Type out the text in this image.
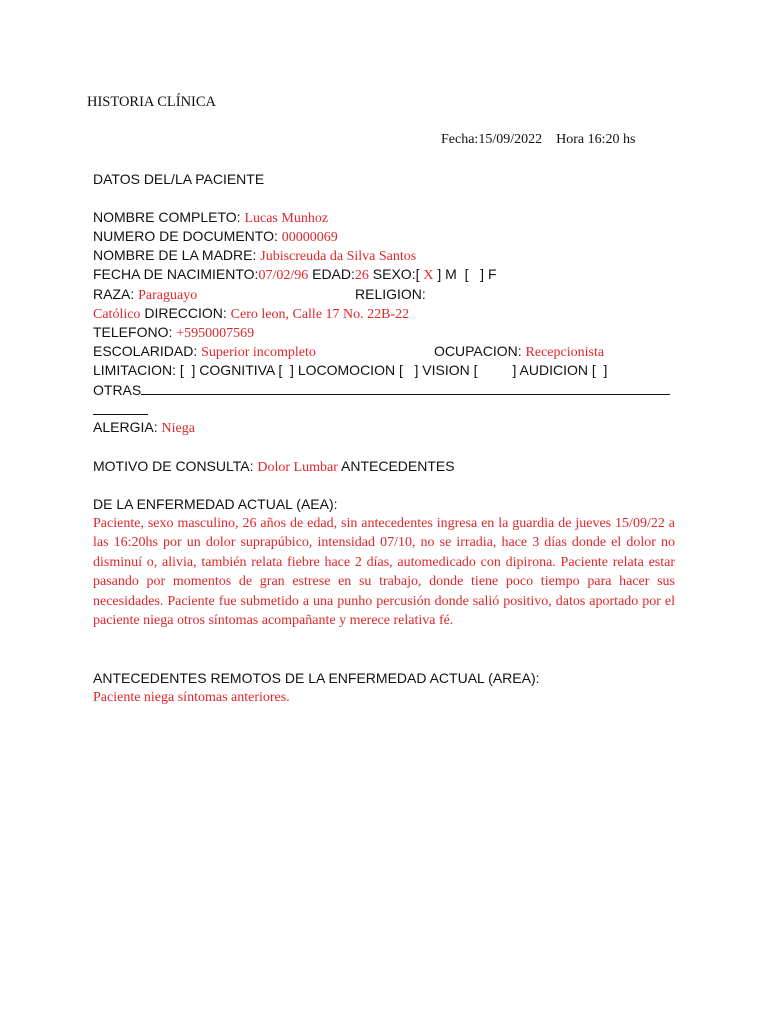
HISTORIA CLÍNICA
Fecha:15/09/2022    Hora 16:20 hs
DATOS DEL/LA PACIENTE
NOMBRE COMPLETO: Lucas Munhoz
NUMERO DE DOCUMENTO: 00000069
NOMBRE DE LA MADRE: Jubiscreuda da Silva Santos
FECHA DE NACIMIENTO:07/02/96 EDAD:26 SEXO:[ X ] M  [   ] F
RAZA: Paraguayo	RELIGION:
Católico DIRECCION: Cero leon, Calle 17 No. 22B-22
TELEFONO: +5950007569
ESCOLARIDAD: Superior incompleto	OCUPACION: Recepcionista
LIMITACION: [  ] COGNITIVA [  ] LOCOMOCION [   ] VISION [         ] AUDICION [  ]
OTRAS
ALERGIA: Niega
MOTIVO DE CONSULTA: Dolor Lumbar ANTECEDENTES
DE LA ENFERMEDAD ACTUAL (AEA):
Paciente, sexo masculino, 26 años de edad, sin antecedentes ingresa en la guardia de jueves 15/09/22 a las 16:20hs por un dolor suprapúbico, intensidad 07/10, no se irradia, hace 3 días donde el dolor no disminuí o, alivia, también relata fiebre hace 2 días, automedicado con dipirona. Paciente relata estar pasando por momentos de gran estrese en su trabajo, donde tiene poco tiempo para hacer sus necesidades. Paciente fue submetido a una punho percusión donde salió positivo, datos aportado por el paciente niega otros síntomas acompañante y merece relativa fé.
ANTECEDENTES REMOTOS DE LA ENFERMEDAD ACTUAL (AREA):
Paciente niega síntomas anteriores.
